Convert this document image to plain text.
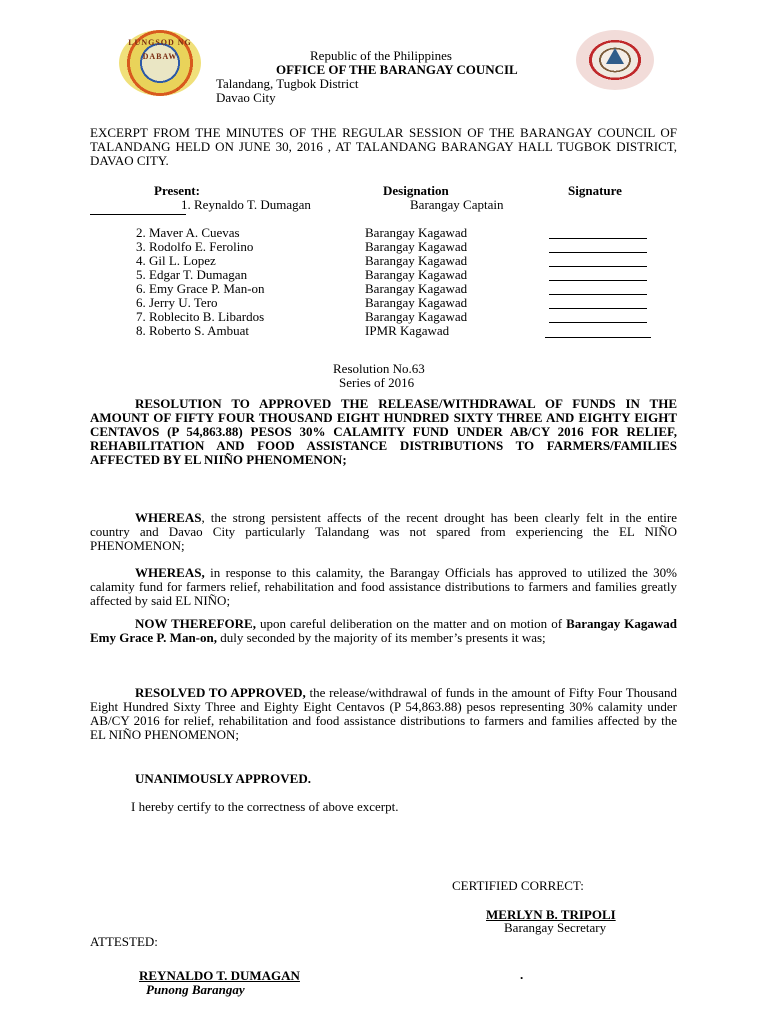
LUNGSOD NG DABAW	Republic of the Philippines
OFFICE OF THE BARANGAY COUNCIL
Talandang, Tugbok District
Davao City
EXCERPT FROM THE MINUTES OF THE REGULAR SESSION OF THE BARANGAY COUNCIL OF TALANDANG HELD ON JUNE 30, 2016 , AT TALANDANG BARANGAY HALL TUGBOK DISTRICT, DAVAO CITY.
Present:	Designation	Signature
1. Reynaldo T. Dumagan	Barangay Captain
2. Maver A. Cuevas	Barangay Kagawad
3. Rodolfo E. Ferolino	Barangay Kagawad
4. Gil L. Lopez	Barangay Kagawad
5. Edgar T. Dumagan	Barangay Kagawad
6. Emy Grace P. Man-on	Barangay Kagawad
6. Jerry U. Tero	Barangay Kagawad
7. Roblecito B. Libardos	Barangay Kagawad
8. Roberto S. Ambuat	IPMR Kagawad
Resolution No.63
Series of 2016
RESOLUTION TO APPROVED THE RELEASE/WITHDRAWAL OF FUNDS IN THE AMOUNT OF FIFTY FOUR THOUSAND EIGHT HUNDRED SIXTY THREE AND EIGHTY EIGHT CENTAVOS (P 54,863.88) PESOS 30% CALAMITY FUND UNDER AB/CY 2016 FOR RELIEF, REHABILITATION AND FOOD ASSISTANCE DISTRIBUTIONS TO FARMERS/FAMILIES AFFECTED BY EL NIIÑO PHENOMENON;
WHEREAS, the strong persistent affects of the recent drought has been clearly felt in the entire country and Davao City particularly Talandang was not spared from experiencing the EL NIÑO PHENOMENON;
WHEREAS, in response to this calamity, the Barangay Officials has approved to utilized the 30% calamity fund for farmers relief, rehabilitation and food assistance distributions to farmers and families greatly affected by said EL NIÑO;
NOW THEREFORE, upon careful deliberation on the matter and on motion of Barangay Kagawad Emy Grace P. Man-on, duly seconded by the majority of its member’s presents it was;
RESOLVED TO APPROVED, the release/withdrawal of funds in the amount of Fifty Four Thousand Eight Hundred Sixty Three and Eighty Eight Centavos (P 54,863.88) pesos representing 30% calamity under AB/CY 2016 for relief, rehabilitation and food assistance distributions to farmers and families affected by the EL NIÑO PHENOMENON;
UNANIMOUSLY APPROVED.
I hereby certify to the correctness of above excerpt.
CERTIFIED CORRECT:
MERLYN B. TRIPOLI
Barangay Secretary
ATTESTED:
REYNALDO T. DUMAGAN
Punong Barangay
.
